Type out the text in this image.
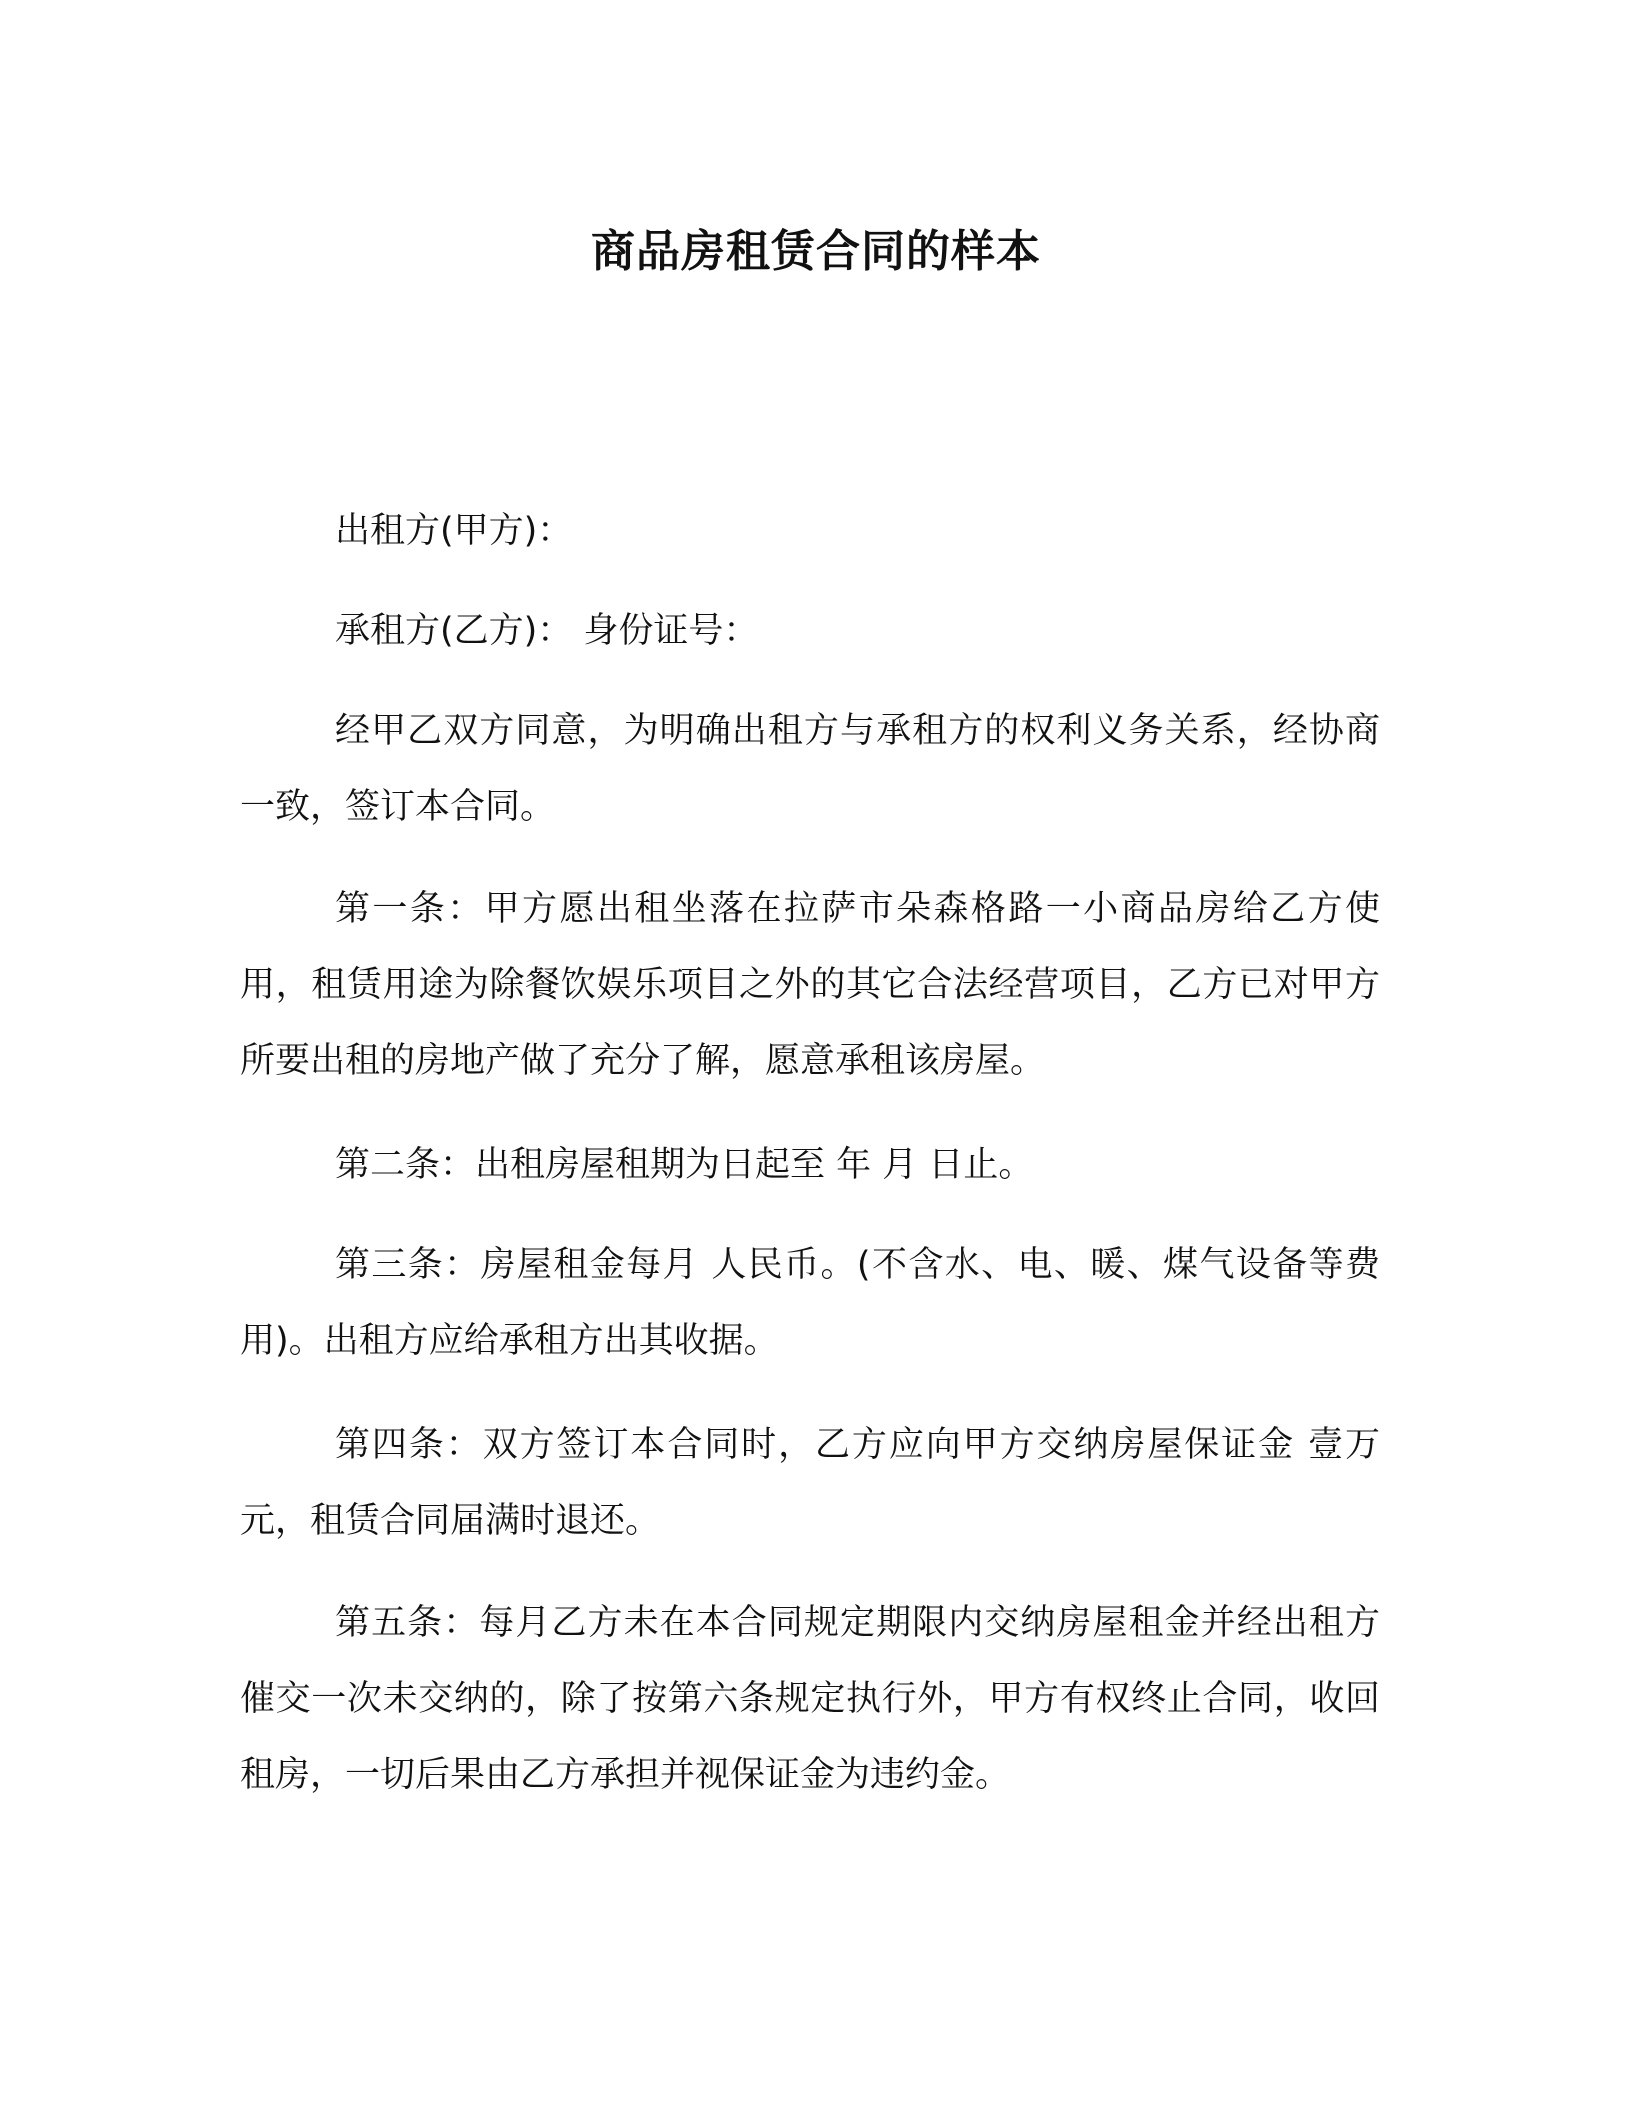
商品房租赁合同的样本

出租方(甲方)：

承租方(乙方)： 身份证号：

经甲乙双方同意，为明确出租方与承租方的权利义务关系，经协商一致，签订本合同。

第一条：甲方愿出租坐落在拉萨市朵森格路一小商品房给乙方使用，租赁用途为除餐饮娱乐项目之外的其它合法经营项目，乙方已对甲方所要出租的房地产做了充分了解，愿意承租该房屋。

第二条：出租房屋租期为日起至 年 月 日止。

第三条：房屋租金每月 人民币。(不含水、电、暖、煤气设备等费用)。出租方应给承租方出其收据。

第四条：双方签订本合同时，乙方应向甲方交纳房屋保证金 壹万元，租赁合同届满时退还。

第五条：每月乙方未在本合同规定期限内交纳房屋租金并经出租方催交一次未交纳的，除了按第六条规定执行外，甲方有权终止合同，收回租房，一切后果由乙方承担并视保证金为违约金。
